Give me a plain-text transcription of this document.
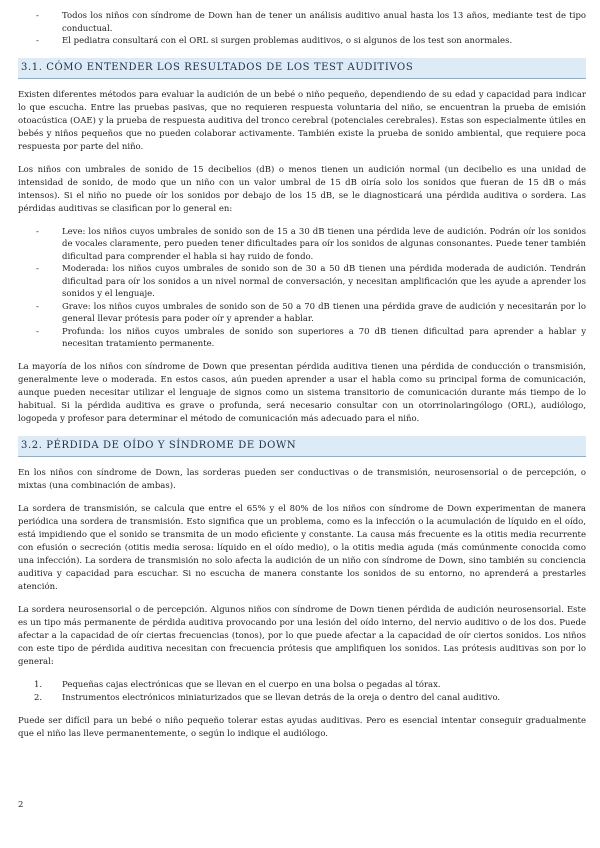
- Todos los niños con síndrome de Down han de tener un análisis auditivo anual hasta los 13 años, mediante test de tipo conductual.
- El pediatra consultará con el ORL si surgen problemas auditivos, o si algunos de los test son anormales.
3.1. CÓMO ENTENDER LOS RESULTADOS DE LOS TEST AUDITIVOS

Existen diferentes métodos para evaluar la audición de un bebé o niño pequeño, dependiendo de su edad y capacidad para indicar lo que escucha. Entre las pruebas pasivas, que no requieren respuesta voluntaria del niño, se encuentran la prueba de emisión otoacústica (OAE) y la prueba de respuesta auditiva del tronco cerebral (potenciales cerebrales). Estas son especialmente útiles en bebés y niños pequeños que no pueden colaborar activamente. También existe la prueba de sonido ambiental, que requiere poca respuesta por parte del niño.

Los niños con umbrales de sonido de 15 decibelios (dB) o menos tienen un audición normal (un decibelio es una unidad de intensidad de sonido, de modo que un niño con un valor umbral de 15 dB oiría solo los sonidos que fueran de 15 dB o más intensos). Si el niño no puede oír los sonidos por debajo de los 15 dB, se le diagnosticará una pérdida auditiva o sordera. Las pérdidas auditivas se clasifican por lo general en:

- Leve: los niños cuyos umbrales de sonido son de 15 a 30 dB tienen una pérdida leve de audición. Podrán oír los sonidos de vocales claramente, pero pueden tener dificultades para oír los sonidos de algunas consonantes. Puede tener también dificultad para comprender el habla si hay ruido de fondo.
- Moderada: los niños cuyos umbrales de sonido son de 30 a 50 dB tienen una pérdida moderada de audición. Tendrán dificultad para oír los sonidos a un nivel normal de conversación, y necesitan amplificación que les ayude a aprender los sonidos y el lenguaje.
- Grave: los niños cuyos umbrales de sonido son de 50 a 70 dB tienen una pérdida grave de audición y necesitarán por lo general llevar prótesis para poder oír y aprender a hablar.
- Profunda: los niños cuyos umbrales de sonido son superiores a 70 dB tienen dificultad para aprender a hablar y necesitan tratamiento permanente.

La mayoría de los niños con síndrome de Down que presentan pérdida auditiva tienen una pérdida de conducción o transmisión, generalmente leve o moderada. En estos casos, aún pueden aprender a usar el habla como su principal forma de comunicación, aunque pueden necesitar utilizar el lenguaje de signos como un sistema transitorio de comunicación durante más tiempo de lo habitual. Si la pérdida auditiva es grave o profunda, será necesario consultar con un otorrinolaringólogo (ORL), audiólogo, logopeda y profesor para determinar el método de comunicación más adecuado para el niño.

3.2. PÉRDIDA DE OÍDO Y SÍNDROME DE DOWN

En los niños con síndrome de Down, las sorderas pueden ser conductivas o de transmisión, neurosensorial o de percepción, o mixtas (una combinación de ambas).

La sordera de transmisión, se calcula que entre el 65% y el 80% de los niños con síndrome de Down experimentan de manera periódica una sordera de transmisión. Esto significa que un problema, como es la infección o la acumulación de líquido en el oído, está impidiendo que el sonido se transmita de un modo eficiente y constante. La causa más frecuente es la otitis media recurrente con efusión o secreción (otitis media serosa: líquido en el oído medio), o la otitis media aguda (más comúnmente conocida como una infección). La sordera de transmisión no solo afecta la audición de un niño con síndrome de Down, sino también su conciencia auditiva y capacidad para escuchar. Si no escucha de manera constante los sonidos de su entorno, no aprenderá a prestarles atención.

La sordera neurosensorial o de percepción. Algunos niños con síndrome de Down tienen pérdida de audición neurosensorial. Este es un tipo más permanente de pérdida auditiva provocando por una lesión del oído interno, del nervio auditivo o de los dos. Puede afectar a la capacidad de oír ciertas frecuencias (tonos), por lo que puede afectar a la capacidad de oír ciertos sonidos. Los niños con este tipo de pérdida auditiva necesitan con frecuencia prótesis que amplifiquen los sonidos. Las prótesis auditivas son por lo general:

1. Pequeñas cajas electrónicas que se llevan en el cuerpo en una bolsa o pegadas al tórax.
2. Instrumentos electrónicos miniaturizados que se llevan detrás de la oreja o dentro del canal auditivo.

Puede ser difícil para un bebé o niño pequeño tolerar estas ayudas auditivas. Pero es esencial intentar conseguir gradualmente que el niño las lleve permanentemente, o según lo indique el audiólogo.

2
